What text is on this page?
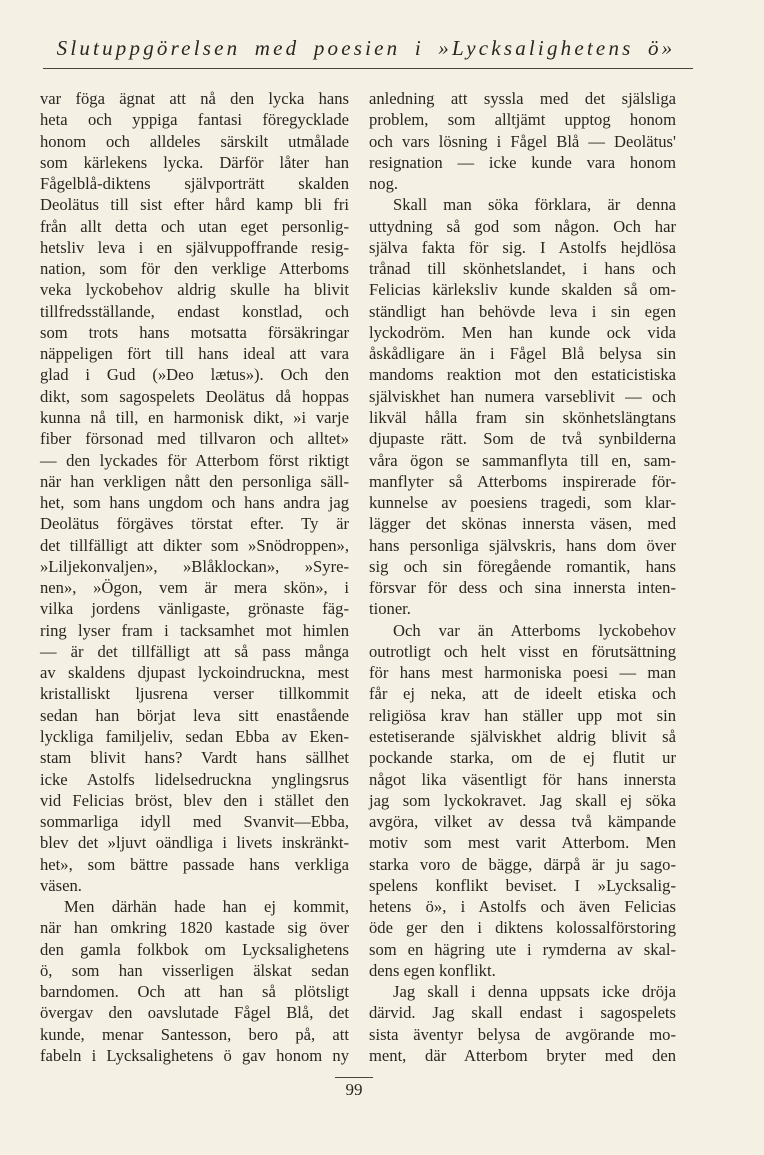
Slutuppgörelsen med poesien i »Lycksalighetens ö»
var föga ägnat att nå den lycka hans
heta och yppiga fantasi föregycklade
honom och alldeles särskilt utmålade
som kärlekens lycka. Därför låter han
Fågelblå-diktens självporträtt skalden
Deolätus till sist efter hård kamp bli fri
från allt detta och utan eget personlig-
hetsliv leva i en självuppoffrande resig-
nation, som för den verklige Atterboms
veka lyckobehov aldrig skulle ha blivit
tillfredsställande, endast konstlad, och
som trots hans motsatta försäkringar
näppeligen fört till hans ideal att vara
glad i Gud (»Deo lætus»). Och den
dikt, som sagospelets Deolätus då hoppas
kunna nå till, en harmonisk dikt, »i varje
fiber försonad med tillvaron och alltet»
— den lyckades för Atterbom först riktigt
när han verkligen nått den personliga säll-
het, som hans ungdom och hans andra jag
Deolätus förgäves törstat efter. Ty är
det tillfälligt att dikter som »Snödroppen»,
»Liljekonvaljen», »Blåklockan», »Syre-
nen», »Ögon, vem är mera skön», i
vilka jordens vänligaste, grönaste fäg-
ring lyser fram i tacksamhet mot himlen
— är det tillfälligt att så pass många
av skaldens djupast lyckoindruckna, mest
kristalliskt ljusrena verser tillkommit
sedan han börjat leva sitt enastående
lyckliga familjeliv, sedan Ebba av Eken-
stam blivit hans? Vardt hans sällhet
icke Astolfs lidelsedruckna ynglingsrus
vid Felicias bröst, blev den i stället den
sommarliga idyll med Svanvit—Ebba,
blev det »ljuvt oändliga i livets inskränkt-
het», som bättre passade hans verkliga
väsen.
Men därhän hade han ej kommit,
när han omkring 1820 kastade sig över
den gamla folkbok om Lycksalighetens
ö, som han visserligen älskat sedan
barndomen. Och att han så plötsligt
övergav den oavslutade Fågel Blå, det
kunde, menar Santesson, bero på, att
fabeln i Lycksalighetens ö gav honom ny
anledning att syssla med det själsliga
problem, som alltjämt upptog honom
och vars lösning i Fågel Blå — Deolätus'
resignation — icke kunde vara honom
nog.
Skall man söka förklara, är denna
uttydning så god som någon. Och har
själva fakta för sig. I Astolfs hejdlösa
trånad till skönhetslandet, i hans och
Felicias kärleksliv kunde skalden så om-
ständligt han behövde leva i sin egen
lyckodröm. Men han kunde ock vida
åskådligare än i Fågel Blå belysa sin
mandoms reaktion mot den estaticistiska
själviskhet han numera varseblivit — och
likväl hålla fram sin skönhetslängtans
djupaste rätt. Som de två synbilderna
våra ögon se sammanflyta till en, sam-
manflyter så Atterboms inspirerade för-
kunnelse av poesiens tragedi, som klar-
lägger det skönas innersta väsen, med
hans personliga självskris, hans dom över
sig och sin föregående romantik, hans
försvar för dess och sina innersta inten-
tioner.
Och var än Atterboms lyckobehov
outrotligt och helt visst en förutsättning
för hans mest harmoniska poesi — man
får ej neka, att de ideelt etiska och
religiösa krav han ställer upp mot sin
estetiserande själviskhet aldrig blivit så
pockande starka, om de ej flutit ur
något lika väsentligt för hans innersta
jag som lyckokravet. Jag skall ej söka
avgöra, vilket av dessa två kämpande
motiv som mest varit Atterbom. Men
starka voro de bägge, därpå är ju sago-
spelens konflikt beviset. I »Lycksalig-
hetens ö», i Astolfs och även Felicias
öde ger den i diktens kolossalförstoring
som en hägring ute i rymderna av skal-
dens egen konflikt.
Jag skall i denna uppsats icke dröja
därvid. Jag skall endast i sagospelets
sista äventyr belysa de avgörande mo-
ment, där Atterbom bryter med den
99
